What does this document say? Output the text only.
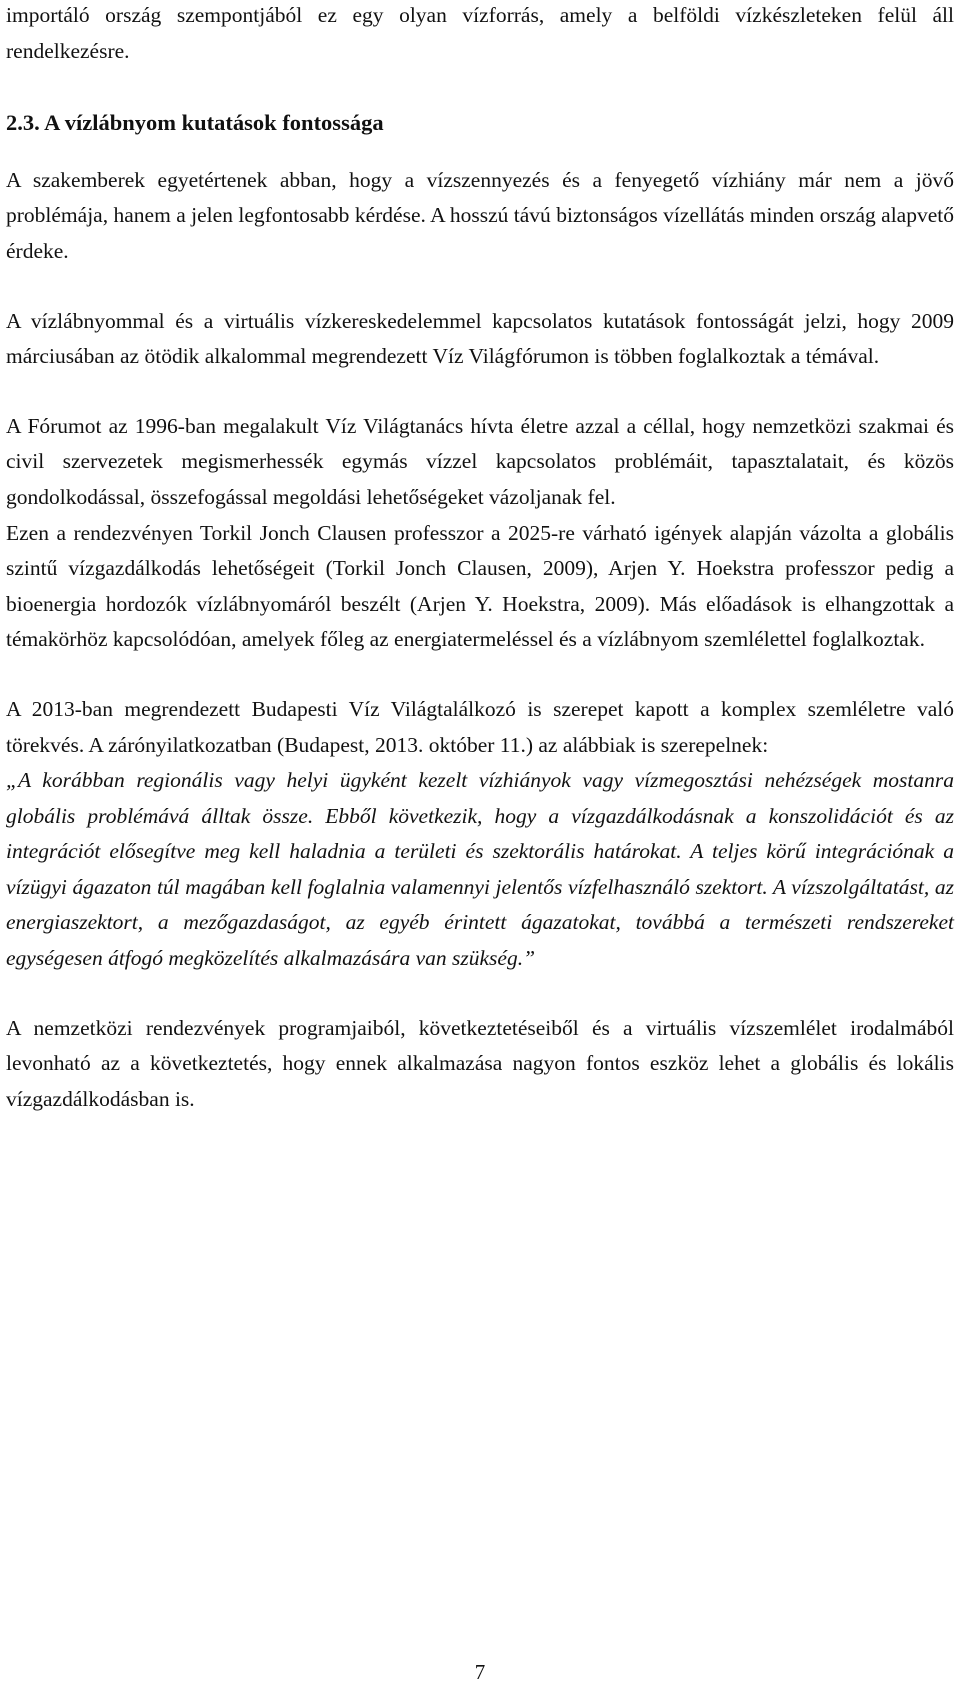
importáló ország szempontjából ez egy olyan vízforrás, amely a belföldi vízkészleteken felül áll rendelkezésre.

2.3. A vízlábnyom kutatások fontossága

A szakemberek egyetértenek abban, hogy a vízszennyezés és a fenyegető vízhiány már nem a jövő problémája, hanem a jelen legfontosabb kérdése. A hosszú távú biztonságos vízellátás minden ország alapvető érdeke.

A vízlábnyommal és a virtuális vízkereskedelemmel kapcsolatos kutatások fontosságát jelzi, hogy 2009 márciusában az ötödik alkalommal megrendezett Víz Világfórumon is többen foglalkoztak a témával.

A Fórumot az 1996-ban megalakult Víz Világtanács hívta életre azzal a céllal, hogy nemzetközi szakmai és civil szervezetek megismerhessék egymás vízzel kapcsolatos problémáit, tapasztalatait, és közös gondolkodással, összefogással megoldási lehetőségeket vázoljanak fel.

Ezen a rendezvényen Torkil Jonch Clausen professzor a 2025-re várható igények alapján vázolta a globális szintű vízgazdálkodás lehetőségeit (Torkil Jonch Clausen, 2009), Arjen Y. Hoekstra professzor pedig a bioenergia hordozók vízlábnyomáról beszélt (Arjen Y. Hoekstra, 2009). Más előadások is elhangzottak a témakörhöz kapcsolódóan, amelyek főleg az energiatermeléssel és a vízlábnyom szemlélettel foglalkoztak.

A 2013-ban megrendezett Budapesti Víz Világtalálkozó is szerepet kapott a komplex szemléletre való törekvés. A zárónyilatkozatban (Budapest, 2013. október 11.) az alábbiak is szerepelnek:

„A korábban regionális vagy helyi ügyként kezelt vízhiányok vagy vízmegosztási nehézségek mostanra globális problémává álltak össze. Ebből következik, hogy a vízgazdálkodásnak a konszolidációt és az integrációt elősegítve meg kell haladnia a területi és szektorális határokat. A teljes körű integrációnak a vízügyi ágazaton túl magában kell foglalnia valamennyi jelentős vízfelhasználó szektort. A vízszolgáltatást, az energiaszektort, a mezőgazdaságot, az egyéb érintett ágazatokat, továbbá a természeti rendszereket egységesen átfogó megközelítés alkalmazására van szükség.”

A nemzetközi rendezvények programjaiból, következtetéseiből és a virtuális vízszemlélet irodalmából levonható az a következtetés, hogy ennek alkalmazása nagyon fontos eszköz lehet a globális és lokális vízgazdálkodásban is.

7
